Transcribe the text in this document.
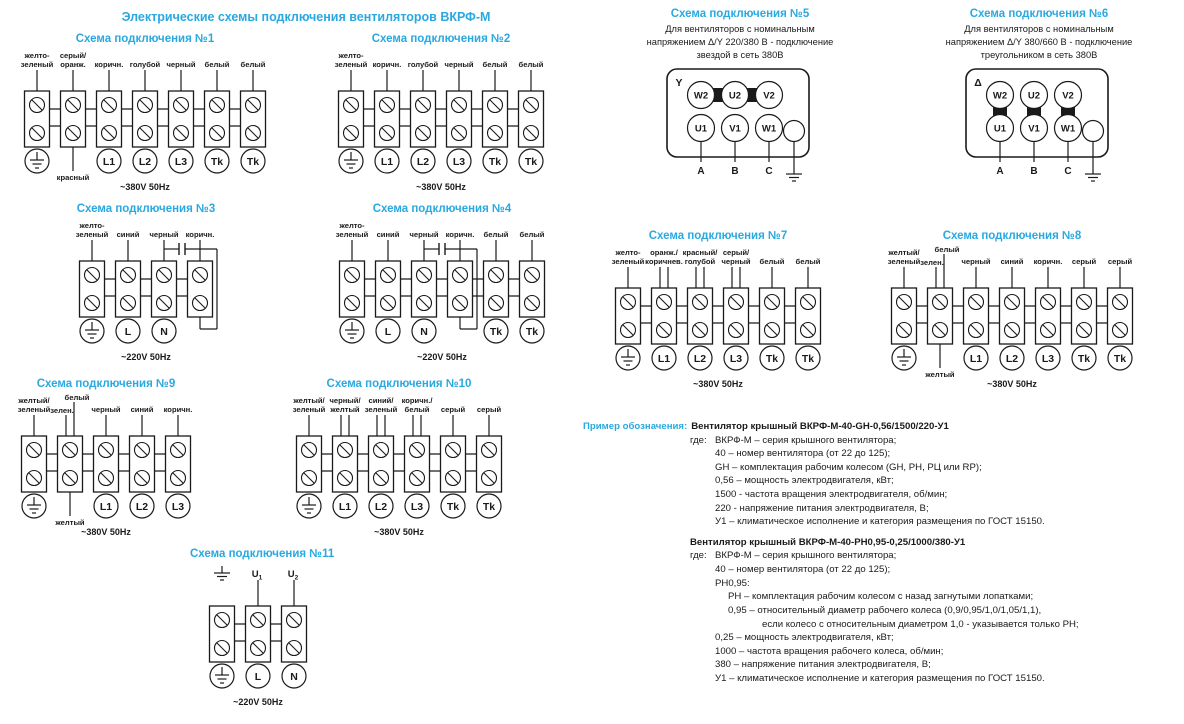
Электрические схемы подключения вентиляторов ВКРФ-М
Схема подключения №1
желто-
зеленый
серый/
оранж.
красный
коричн.
L1
голубой
L2
черный
L3
белый
Tk
белый
Tk
~380V 50Hz
Схема подключения №2
желто-
зеленый коричн.
L1
голубой
L2
черный
L3
белый
Tk
белый
Tk
~380V 50Hz
Схема подключения №3
желто-
зеленый синий
L
черный
N
коричн.
~220V 50Hz
Схема подключения №4
желто-
зеленый синий
L
черный
N
коричн. белый
Tk
белый
Tk
~220V 50Hz
Схема подключения №7
желто-
зеленый
оранж./
коричнев.
L1
красный/
голубой
L2
серый/
черный
L3
белый
Tk
белый
Tk
~380V 50Hz
Схема подключения №8
желтый/
зеленый зелен.
белый
желтый
черный
L1
синий
L2
коричн.
L3
серый
Tk
серый
Tk
~380V 50Hz
Схема подключения №9
желтый/
зеленый зелен.
белый
желтый
черный
L1
синий
L2
коричн.
L3
~380V 50Hz
Схема подключения №10
желтый/
зеленый
черный/
желтый
L1
синий/
зеленый
L2
коричн./
белый
L3
серый
Tk
серый
Tk
~380V 50Hz
Схема подключения №11
$U_1$
L
$U_2$
N
~220V 50Hz
Схема подключения №5
Для вентиляторов с номинальным
напряжением Δ/Y 220/380 В - подключение
звездой в сеть 380В
Y
W2 U2 V2
U1
A
V1
B
W1
C
Схема подключения №6
Для вентиляторов с номинальным
напряжением Δ/Y 380/660 В - подключение
треугольником в сеть 380В
Δ
W2 U2 V2
U1
A
V1
B
W1
C
Пример обозначения: Вентилятор крышный ВКРФ-М-40-GH-0,56/1500/220-У1
где: ВКРФ-М – серия крышного вентилятора;
40 – номер вентилятора (от 22 до 125);
GH – комплектация рабочим колесом (GH, РН, РЦ или RP);
0,56 – мощность электродвигателя, кВт;
1500 - частота вращения электродвигателя, об/мин;
220 - напряжение питания электродвигателя, В;
У1 – климатическое исполнение и категория размещения по ГОСТ 15150.
Вентилятор крышный ВКРФ-М-40-РН0,95-0,25/1000/380-У1
где: ВКРФ-М – серия крышного вентилятора;
40 – номер вентилятора (от 22 до 125);
РН0,95:
РН – комплектация рабочим колесом с назад загнутыми лопатками;
0,95 – относительный диаметр рабочего колеса (0,9/0,95/1,0/1,05/1,1),
если колесо с относительным диаметром 1,0 - указывается только РН;
0,25 – мощность электродвигателя, кВт;
1000 – частота вращения рабочего колеса, об/мин;
380 – напряжение питания электродвигателя, В;
У1 – климатическое исполнение и категория размещения по ГОСТ 15150.
